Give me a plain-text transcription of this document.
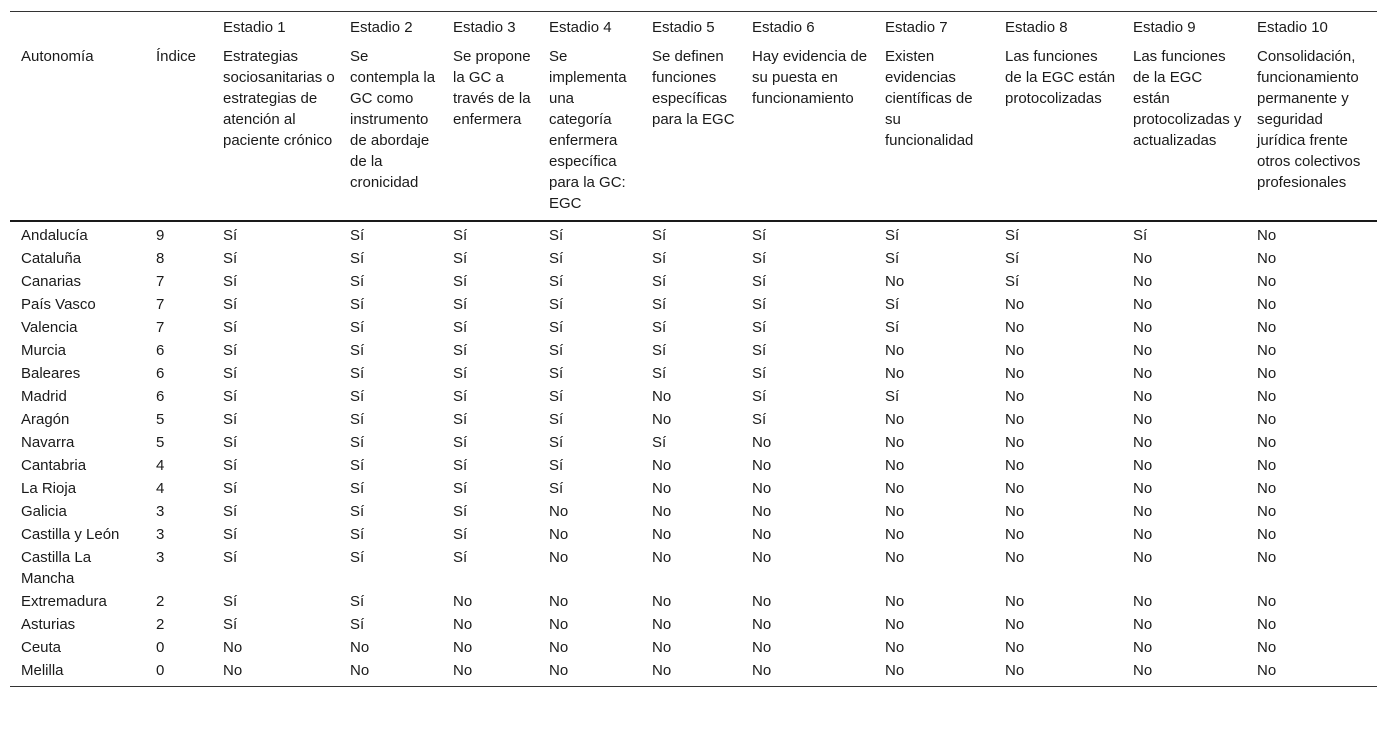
		Estadio 1	Estadio 2	Estadio 3	Estadio 4	Estadio 5	Estadio 6	Estadio 7	Estadio 8	Estadio 9	Estadio 10
Autonomía	Índice	Estrategias sociosanitarias o estrategias de atención al paciente crónico	Se contempla la GC como instrumento de abordaje de la cronicidad	Se propone la GC a través de la enfermera	Se implementa una categoría enfermera específica para la GC: EGC	Se definen funciones específicas para la EGC	Hay evidencia de su puesta en funcionamiento	Existen evidencias científicas de su funcionalidad	Las funciones de la EGC están protocolizadas	Las funciones de la EGC están protocolizadas y actualizadas	Consolidación, funcionamiento permanente y seguridad jurídica frente otros colectivos profesionales
Andalucía	9	Sí	Sí	Sí	Sí	Sí	Sí	Sí	Sí	Sí	No
Cataluña	8	Sí	Sí	Sí	Sí	Sí	Sí	Sí	Sí	No	No
Canarias	7	Sí	Sí	Sí	Sí	Sí	Sí	No	Sí	No	No
País Vasco	7	Sí	Sí	Sí	Sí	Sí	Sí	Sí	No	No	No
Valencia	7	Sí	Sí	Sí	Sí	Sí	Sí	Sí	No	No	No
Murcia	6	Sí	Sí	Sí	Sí	Sí	Sí	No	No	No	No
Baleares	6	Sí	Sí	Sí	Sí	Sí	Sí	No	No	No	No
Madrid	6	Sí	Sí	Sí	Sí	No	Sí	Sí	No	No	No
Aragón	5	Sí	Sí	Sí	Sí	No	Sí	No	No	No	No
Navarra	5	Sí	Sí	Sí	Sí	Sí	No	No	No	No	No
Cantabria	4	Sí	Sí	Sí	Sí	No	No	No	No	No	No
La Rioja	4	Sí	Sí	Sí	Sí	No	No	No	No	No	No
Galicia	3	Sí	Sí	Sí	No	No	No	No	No	No	No
Castilla y León	3	Sí	Sí	Sí	No	No	No	No	No	No	No
Castilla La Mancha	3	Sí	Sí	Sí	No	No	No	No	No	No	No
Extremadura	2	Sí	Sí	No	No	No	No	No	No	No	No
Asturias	2	Sí	Sí	No	No	No	No	No	No	No	No
Ceuta	0	No	No	No	No	No	No	No	No	No	No
Melilla	0	No	No	No	No	No	No	No	No	No	No
